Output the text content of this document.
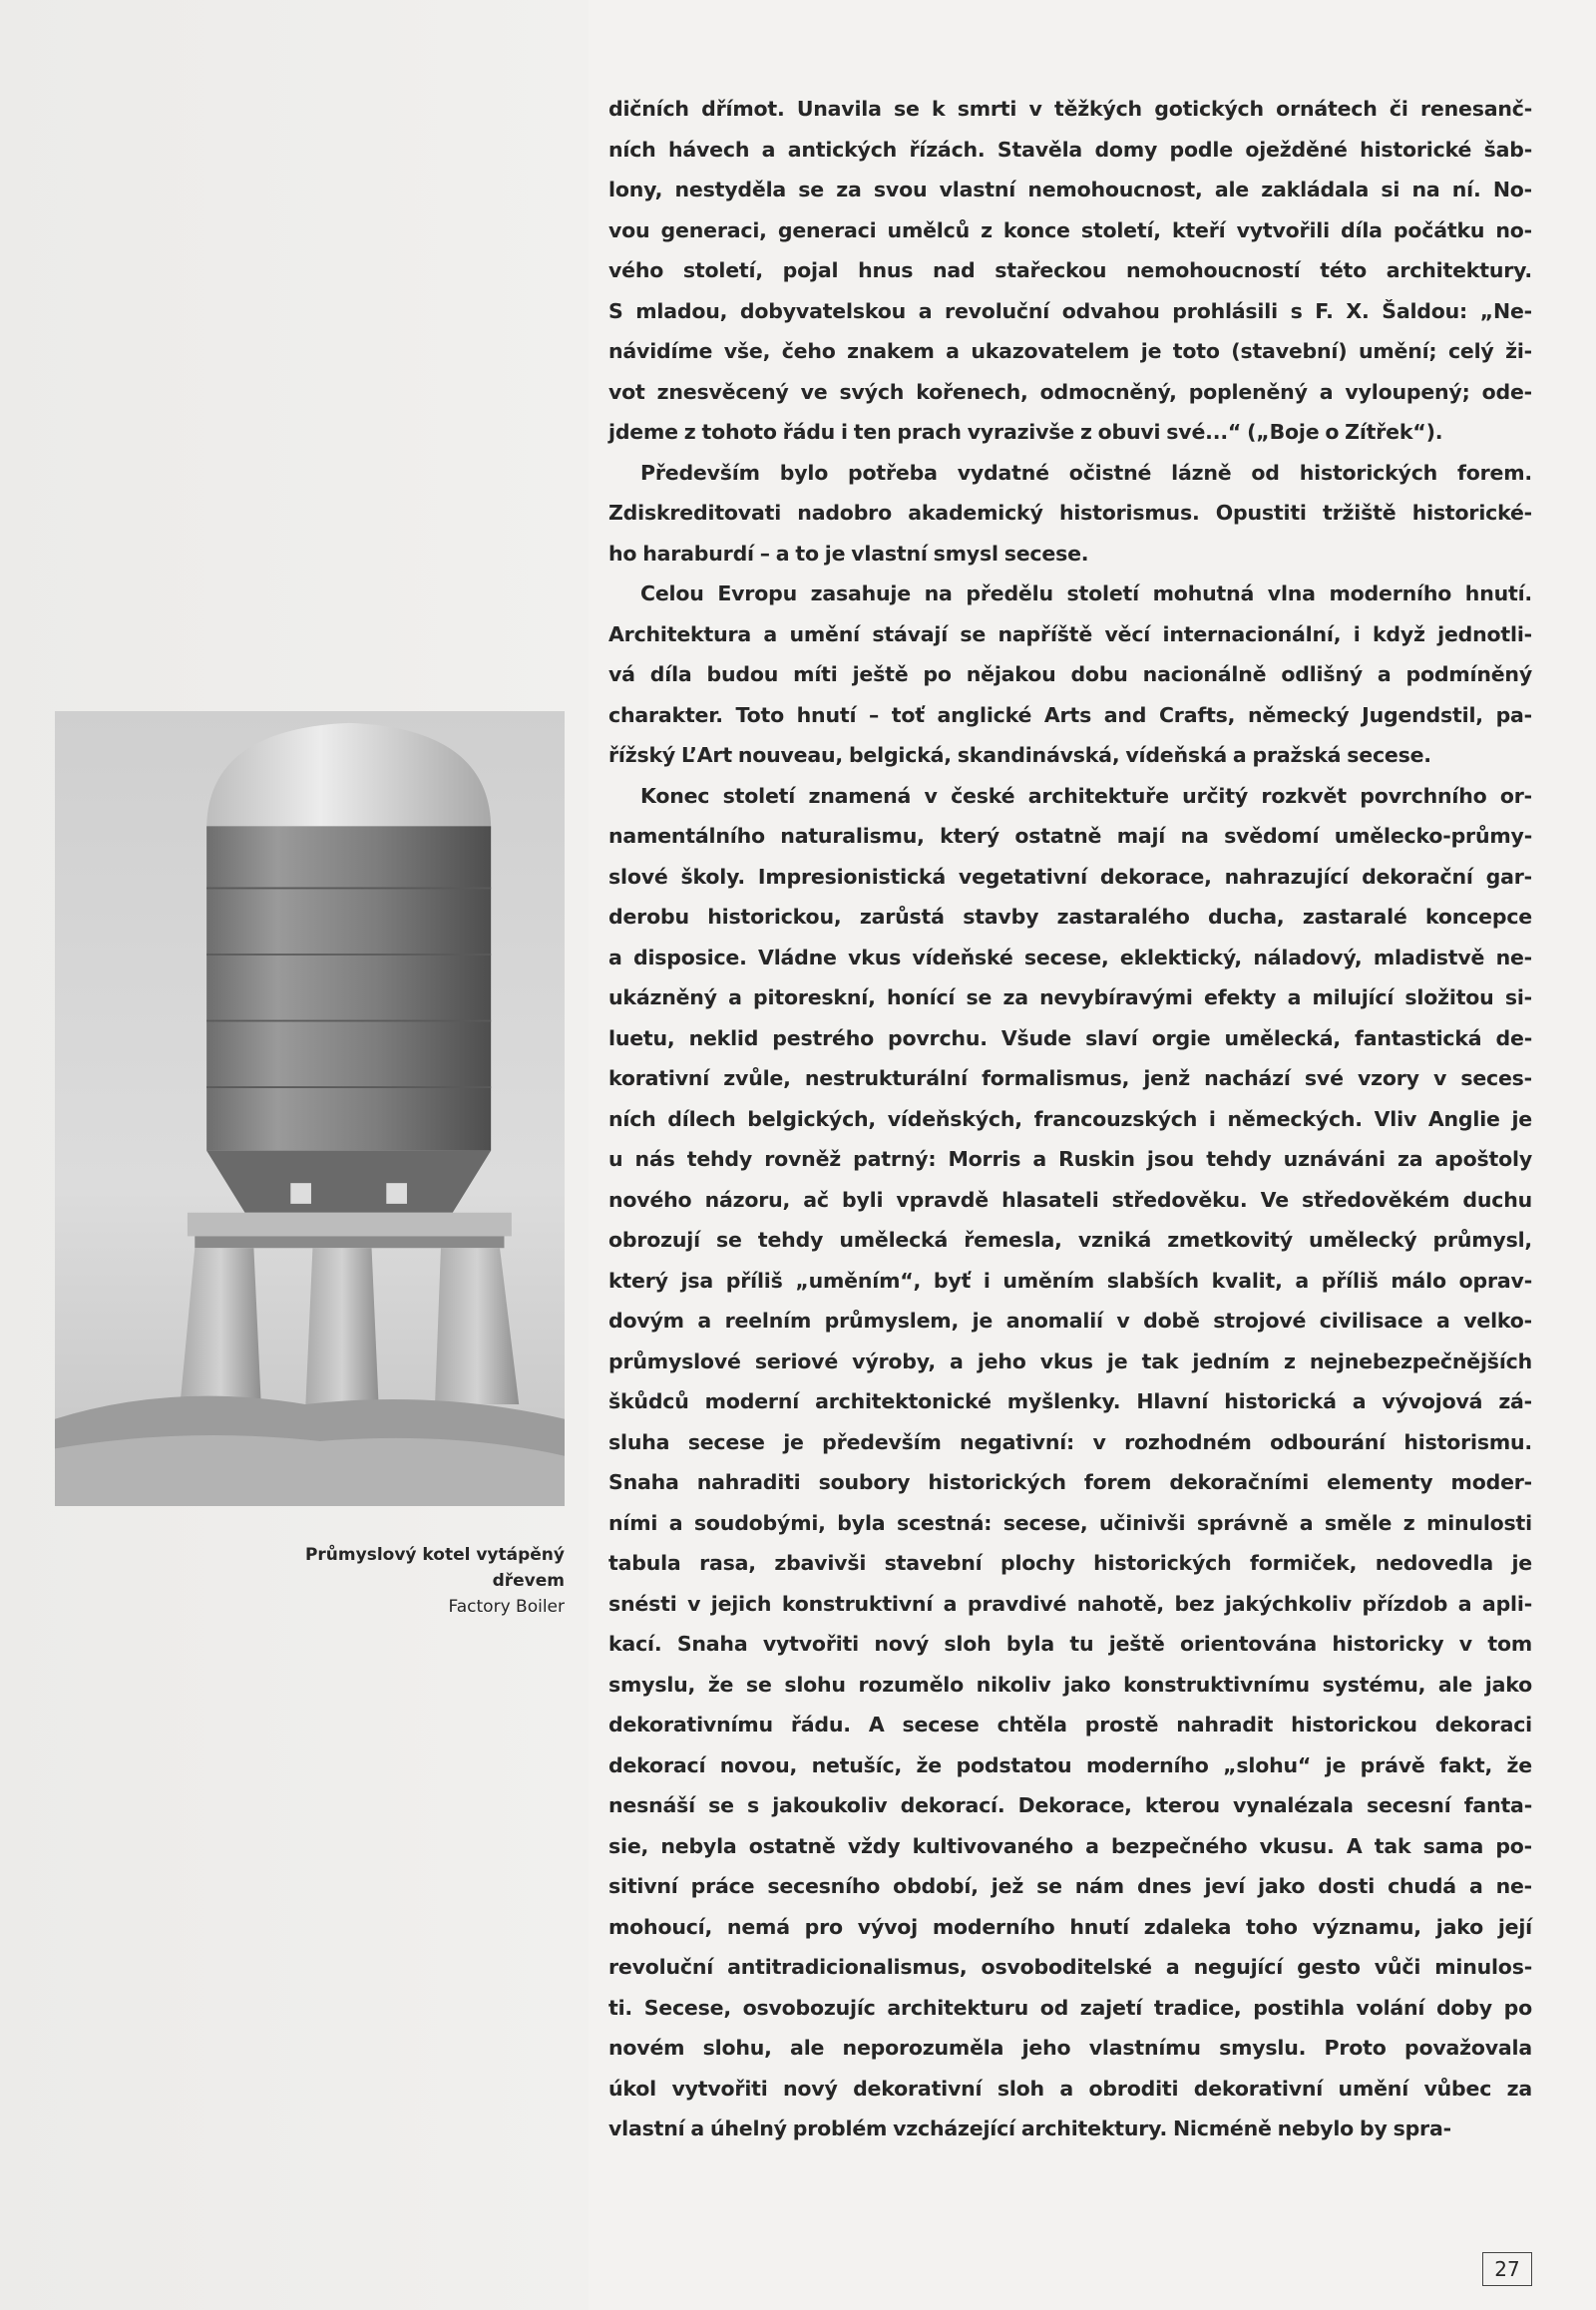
Průmyslový kotel vytápěný
dřevem
Factory Boiler
dičních dřímot. Unavila se k smrti v těžkých gotických ornátech či renesanč-
ních hávech a antických řízách. Stavěla domy podle oježděné historické šab-
lony, nestyděla se za svou vlastní nemohoucnost, ale zakládala si na ní. No-
vou generaci, generaci umělců z konce století, kteří vytvořili díla počátku no-
vého století, pojal hnus nad stařeckou nemohoucností této architektury.
S mladou, dobyvatelskou a revoluční odvahou prohlásili s F. X. Šaldou: „Ne-
návidíme vše, čeho znakem a ukazovatelem je toto (stavební) umění; celý ži-
vot znesvěcený ve svých kořenech, odmocněný, popleněný a vyloupený; ode-
jdeme z tohoto řádu i ten prach vyrazivše z obuvi své...“ („Boje o Zítřek“).
Především bylo potřeba vydatné očistné lázně od historických forem.
Zdiskreditovati nadobro akademický historismus. Opustiti tržiště historické-
ho haraburdí – a to je vlastní smysl secese.
Celou Evropu zasahuje na předělu století mohutná vlna moderního hnutí.
Architektura a umění stávají se napříště věcí internacionální, i když jednotli-
vá díla budou míti ještě po nějakou dobu nacionálně odlišný a podmíněný
charakter. Toto hnutí – toť anglické Arts and Crafts, německý Jugendstil, pa-
řížský L’Art nouveau, belgická, skandinávská, vídeňská a pražská secese.
Konec století znamená v české architektuře určitý rozkvět povrchního or-
namentálního naturalismu, který ostatně mají na svědomí umělecko-průmy-
slové školy. Impresionistická vegetativní dekorace, nahrazující dekorační gar-
derobu historickou, zarůstá stavby zastaralého ducha, zastaralé koncepce
a disposice. Vládne vkus vídeňské secese, eklektický, náladový, mladistvě ne-
ukázněný a pitoreskní, honící se za nevybíravými efekty a milující složitou si-
luetu, neklid pestrého povrchu. Všude slaví orgie umělecká, fantastická de-
korativní zvůle, nestrukturální formalismus, jenž nachází své vzory v seces-
ních dílech belgických, vídeňských, francouzských i německých. Vliv Anglie je
u nás tehdy rovněž patrný: Morris a Ruskin jsou tehdy uznáváni za apoštoly
nového názoru, ač byli vpravdě hlasateli středověku. Ve středověkém duchu
obrozují se tehdy umělecká řemesla, vzniká zmetkovitý umělecký průmysl,
který jsa příliš „uměním“, byť i uměním slabších kvalit, a příliš málo oprav-
dovým a reelním průmyslem, je anomalií v době strojové civilisace a velko-
průmyslové seriové výroby, a jeho vkus je tak jedním z nejnebezpečnějších
škůdců moderní architektonické myšlenky. Hlavní historická a vývojová zá-
sluha secese je především negativní: v rozhodném odbourání historismu.
Snaha nahraditi soubory historických forem dekoračními elementy moder-
ními a soudobými, byla scestná: secese, učinivši správně a směle z minulosti
tabula rasa, zbavivši stavební plochy historických formiček, nedovedla je
snésti v jejich konstruktivní a pravdivé nahotě, bez jakýchkoliv přízdob a apli-
kací. Snaha vytvořiti nový sloh byla tu ještě orientována historicky v tom
smyslu, že se slohu rozumělo nikoliv jako konstruktivnímu systému, ale jako
dekorativnímu řádu. A secese chtěla prostě nahradit historickou dekoraci
dekorací novou, netušíc, že podstatou moderního „slohu“ je právě fakt, že
nesnáší se s jakoukoliv dekorací. Dekorace, kterou vynalézala secesní fanta-
sie, nebyla ostatně vždy kultivovaného a bezpečného vkusu. A tak sama po-
sitivní práce secesního období, jež se nám dnes jeví jako dosti chudá a ne-
mohoucí, nemá pro vývoj moderního hnutí zdaleka toho významu, jako její
revoluční antitradicionalismus, osvoboditelské a negující gesto vůči minulos-
ti. Secese, osvobozujíc architekturu od zajetí tradice, postihla volání doby po
novém slohu, ale neporozuměla jeho vlastnímu smyslu. Proto považovala
úkol vytvořiti nový dekorativní sloh a obroditi dekorativní umění vůbec za
vlastní a úhelný problém vzcházející architektury. Nicméně nebylo by spra-
27
